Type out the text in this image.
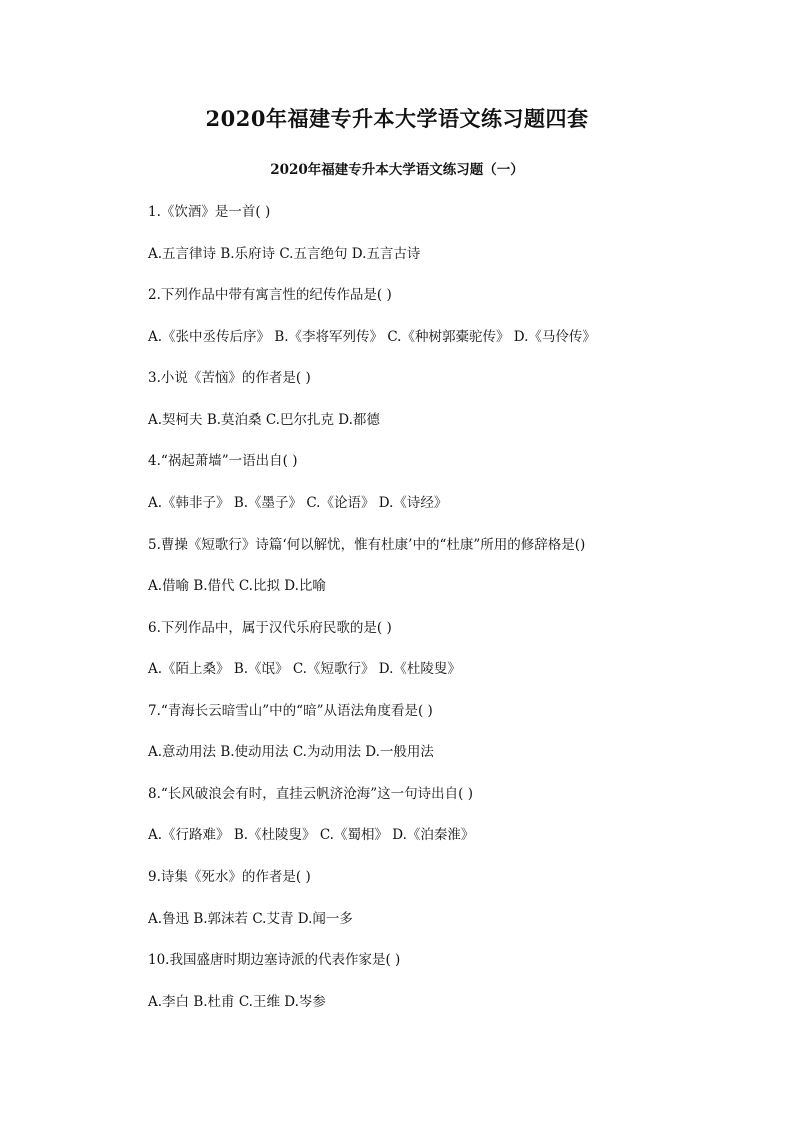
2020年福建专升本大学语文练习题四套
2020年福建专升本大学语文练习题（一）
1.《饮酒》是一首( )
A.五言律诗 B.乐府诗 C.五言绝句 D.五言古诗
2.下列作品中带有寓言性的纪传作品是( )
A.《张中丞传后序》 B.《李将军列传》 C.《种树郭橐驼传》 D.《马伶传》
3.小说《苦恼》的作者是( )
A.契柯夫 B.莫泊桑 C.巴尔扎克 D.都德
4.“祸起萧墙”一语出自( )
A.《韩非子》 B.《墨子》 C.《论语》 D.《诗经》
5.曹操《短歌行》诗篇‘何以解忧，惟有杜康’中的“杜康”所用的修辞格是()
A.借喻 B.借代 C.比拟 D.比喻
6.下列作品中，属于汉代乐府民歌的是( )
A.《陌上桑》 B.《氓》 C.《短歌行》 D.《杜陵叟》
7.“青海长云暗雪山”中的“暗”从语法角度看是( )
A.意动用法 B.使动用法 C.为动用法 D.一般用法
8.“长风破浪会有时，直挂云帆济沧海”这一句诗出自( )
A.《行路难》 B.《杜陵叟》 C.《蜀相》 D.《泊秦淮》
9.诗集《死水》的作者是( )
A.鲁迅 B.郭沫若 C.艾青 D.闻一多
10.我国盛唐时期边塞诗派的代表作家是( )
A.李白 B.杜甫 C.王维 D.岑参
